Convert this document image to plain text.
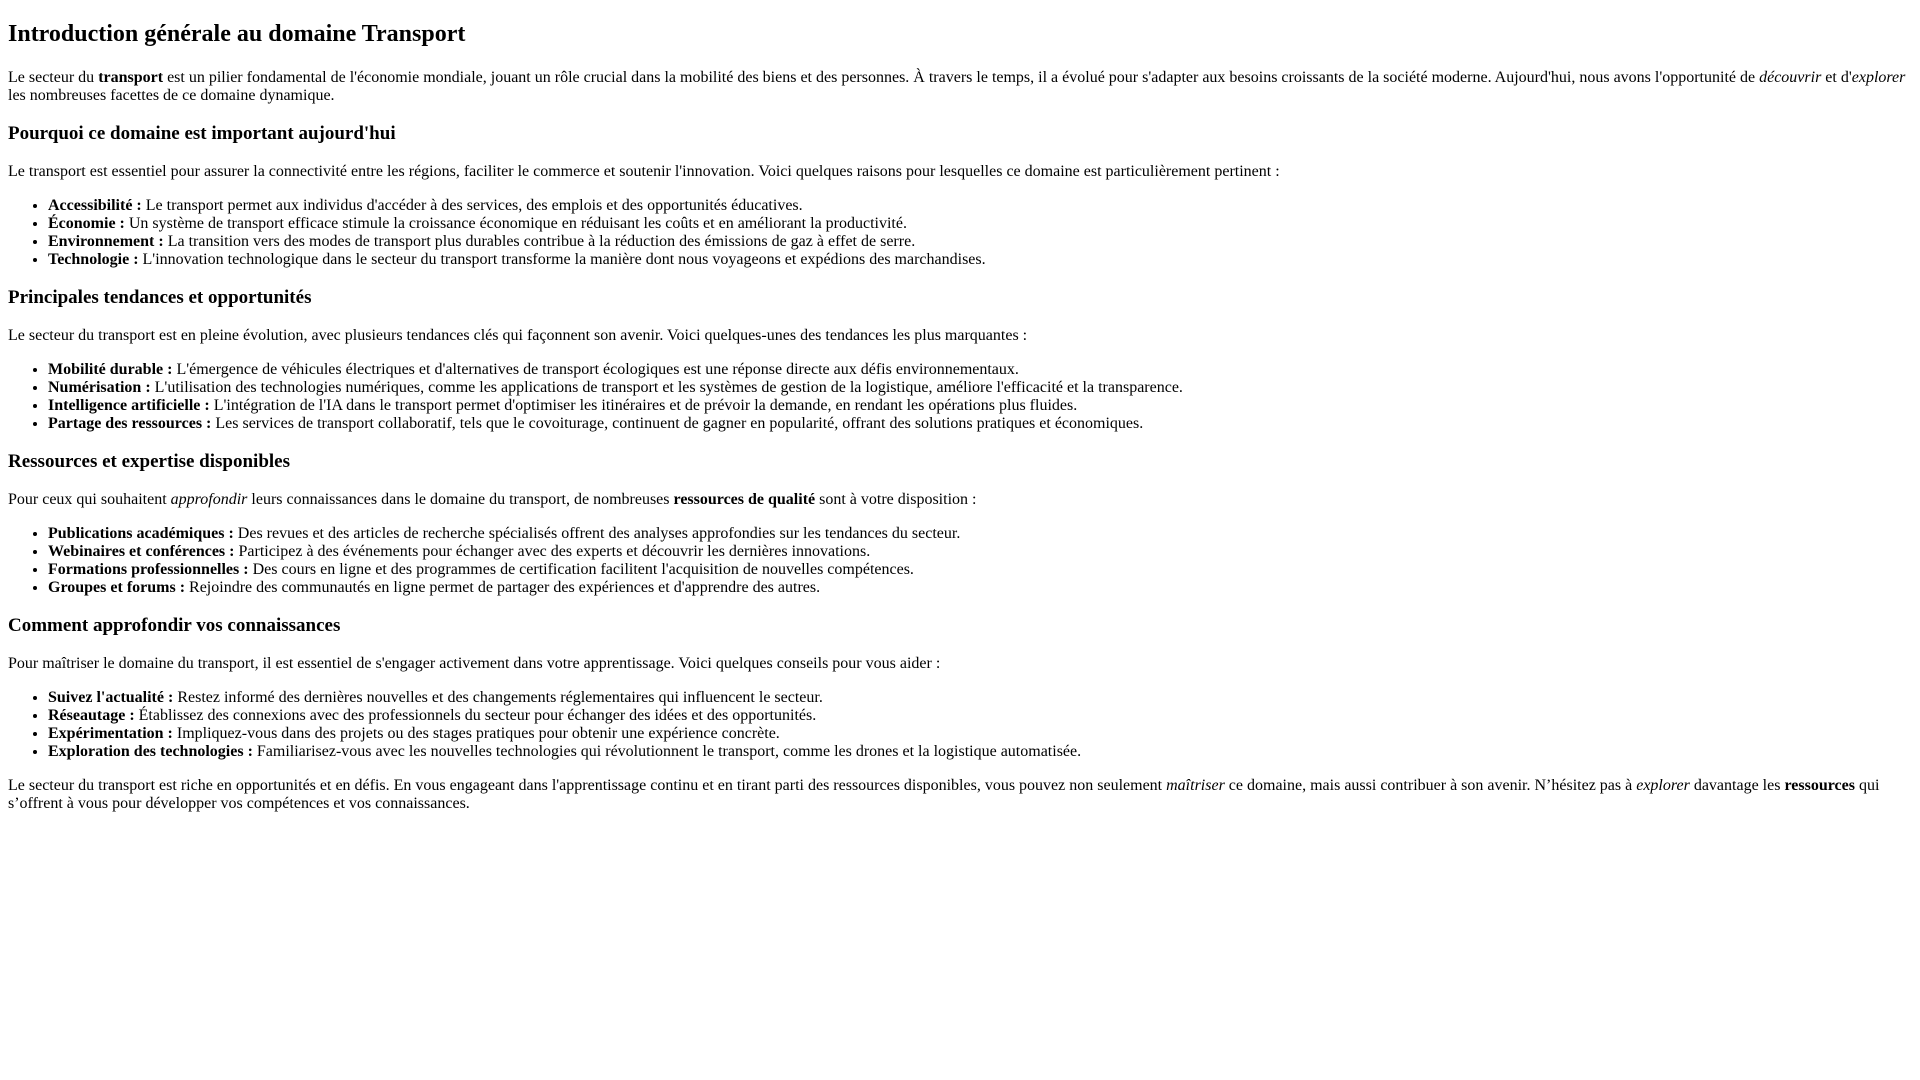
Introduction générale au domaine Transport

Le secteur du transport est un pilier fondamental de l'économie mondiale, jouant un rôle crucial dans la mobilité des biens et des personnes. À travers le temps, il a évolué pour s'adapter aux besoins croissants de la société moderne. Aujourd'hui, nous avons l'opportunité de découvrir et d'explorer les nombreuses facettes de ce domaine dynamique.

Pourquoi ce domaine est important aujourd'hui

Le transport est essentiel pour assurer la connectivité entre les régions, faciliter le commerce et soutenir l'innovation. Voici quelques raisons pour lesquelles ce domaine est particulièrement pertinent :

• Accessibilité : Le transport permet aux individus d'accéder à des services, des emplois et des opportunités éducatives.
• Économie : Un système de transport efficace stimule la croissance économique en réduisant les coûts et en améliorant la productivité.
• Environnement : La transition vers des modes de transport plus durables contribue à la réduction des émissions de gaz à effet de serre.
• Technologie : L'innovation technologique dans le secteur du transport transforme la manière dont nous voyageons et expédions des marchandises.
Principales tendances et opportunités

Le secteur du transport est en pleine évolution, avec plusieurs tendances clés qui façonnent son avenir. Voici quelques-unes des tendances les plus marquantes :

• Mobilité durable : L'émergence de véhicules électriques et d'alternatives de transport écologiques est une réponse directe aux défis environnementaux.
• Numérisation : L'utilisation des technologies numériques, comme les applications de transport et les systèmes de gestion de la logistique, améliore l'efficacité et la transparence.
• Intelligence artificielle : L'intégration de l'IA dans le transport permet d'optimiser les itinéraires et de prévoir la demande, en rendant les opérations plus fluides.
• Partage des ressources : Les services de transport collaboratif, tels que le covoiturage, continuent de gagner en popularité, offrant des solutions pratiques et économiques.
Ressources et expertise disponibles

Pour ceux qui souhaitent approfondir leurs connaissances dans le domaine du transport, de nombreuses ressources de qualité sont à votre disposition :

• Publications académiques : Des revues et des articles de recherche spécialisés offrent des analyses approfondies sur les tendances du secteur.
• Webinaires et conférences : Participez à des événements pour échanger avec des experts et découvrir les dernières innovations.
• Formations professionnelles : Des cours en ligne et des programmes de certification facilitent l'acquisition de nouvelles compétences.
• Groupes et forums : Rejoindre des communautés en ligne permet de partager des expériences et d'apprendre des autres.
Comment approfondir vos connaissances

Pour maîtriser le domaine du transport, il est essentiel de s'engager activement dans votre apprentissage. Voici quelques conseils pour vous aider :

• Suivez l'actualité : Restez informé des dernières nouvelles et des changements réglementaires qui influencent le secteur.
• Réseautage : Établissez des connexions avec des professionnels du secteur pour échanger des idées et des opportunités.
• Expérimentation : Impliquez-vous dans des projets ou des stages pratiques pour obtenir une expérience concrète.
• Exploration des technologies : Familiarisez-vous avec les nouvelles technologies qui révolutionnent le transport, comme les drones et la logistique automatisée.

Le secteur du transport est riche en opportunités et en défis. En vous engageant dans l'apprentissage continu et en tirant parti des ressources disponibles, vous pouvez non seulement maîtriser ce domaine, mais aussi contribuer à son avenir. N’hésitez pas à explorer davantage les ressources qui s’offrent à vous pour développer vos compétences et vos connaissances.
